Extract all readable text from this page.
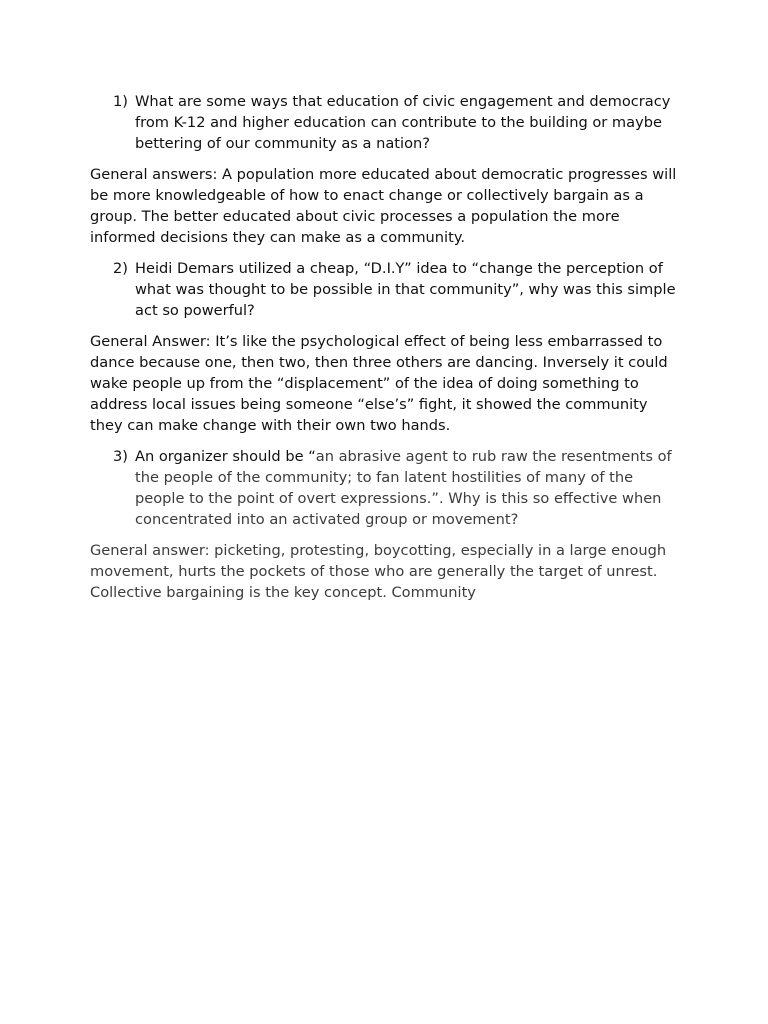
1) What are some ways that education of civic engagement and democracy from K-12 and higher education can contribute to the building or maybe bettering of our community as a nation?
General answers: A population more educated about democratic progresses will be more knowledgeable of how to enact change or collectively bargain as a group. The better educated about civic processes a population the more informed decisions they can make as a community.
2) Heidi Demars utilized a cheap, “D.I.Y” idea to “change the perception of what was thought to be possible in that community”, why was this simple act so powerful?
General Answer: It’s like the psychological effect of being less embarrassed to dance because one, then two, then three others are dancing. Inversely it could wake people up from the “displacement” of the idea of doing something to address local issues being someone “else’s” fight, it showed the community they can make change with their own two hands.
3) An organizer should be “an abrasive agent to rub raw the resentments of the people of the community; to fan latent hostilities of many of the people to the point of overt expressions.”. Why is this so effective when concentrated into an activated group or movement?
General answer: picketing, protesting, boycotting, especially in a large enough movement, hurts the pockets of those who are generally the target of unrest. Collective bargaining is the key concept. Community
